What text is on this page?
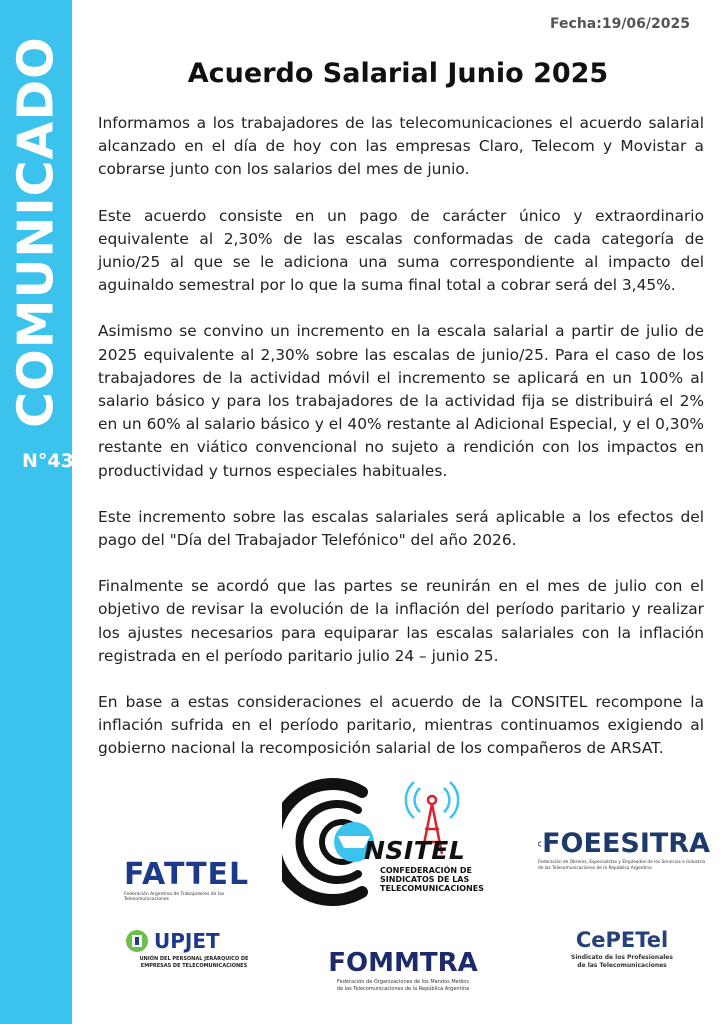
COMUNICADO
N°43
Fecha:19/06/2025
Acuerdo Salarial Junio 2025

Informamos a los trabajadores de las telecomunicaciones el acuerdo salarial alcanzado en el día de hoy con las empresas Claro, Telecom y Movistar a cobrarse junto con los salarios del mes de junio.

Este acuerdo consiste en un pago de carácter único y extraordinario equivalente al 2,30% de las escalas conformadas de cada categoría de junio/25 al que se le adiciona una suma correspondiente al impacto del aguinaldo semestral por lo que la suma final total a cobrar será del 3,45%.

Asimismo se convino un incremento en la escala salarial a partir de julio de 2025 equivalente al 2,30% sobre las escalas de junio/25. Para el caso de los trabajadores de la actividad móvil el incremento se aplicará en un 100% al salario básico y para los trabajadores de la actividad fija se distribuirá el 2% en un 60% al salario básico y el 40% restante al Adicional Especial, y el 0,30% restante en viático convencional no sujeto a rendición con los impactos en productividad y turnos especiales habituales.

Este incremento sobre las escalas salariales será aplicable a los efectos del pago del "Día del Trabajador Telefónico" del año 2026.

Finalmente se acordó que las partes se reunirán en el mes de julio con el objetivo de revisar la evolución de la inflación del período paritario y realizar los ajustes necesarios para equiparar las escalas salariales con la inflación registrada en el período paritario julio 24 – junio 25.

En base a estas consideraciones el acuerdo de la CONSITEL recompone la inflación sufrida en el período paritario, mientras continuamos exigiendo al gobierno nacional la recomposición salarial de los compañeros de ARSAT.

FATTEL
Federación Argentina de Trabajadores de las Telecomunicaciones
NSITEL
CONFEDERACIÓN DE
SINDICATOS DE LAS
TELECOMUNICACIONES
FOEESITRA
Federación de Obreros, Especialistas y Empleados de los Servicios e Industria de las Telecomunicaciones de la República Argentina
UPJET
UNIÓN DEL PERSONAL JERÁRQUICO DE
EMPRESAS DE TELECOMUNICACIONES	FOMMTRA
Federación de Organizaciones de los Mandos Medios
de las Telecomunicaciones de la República Argentina
CePETel
Sindicato de los Profesionales
de las Telecomunicaciones
